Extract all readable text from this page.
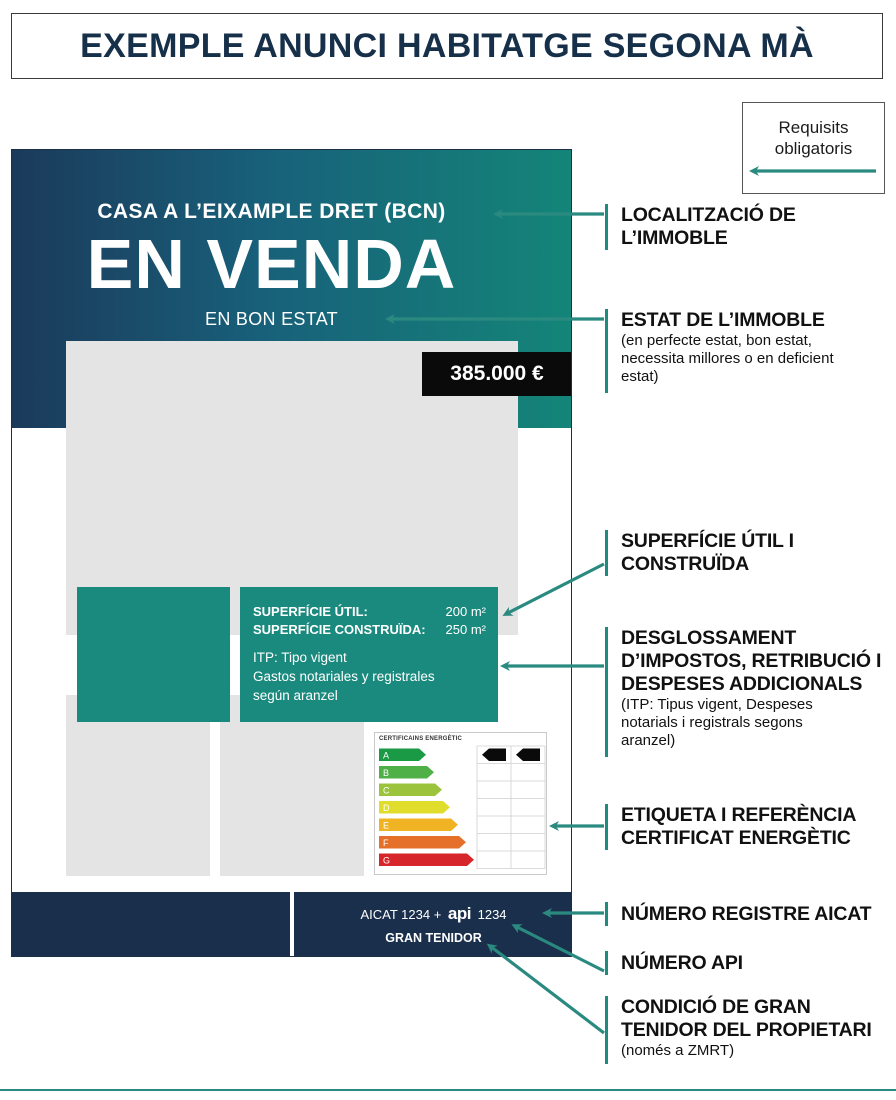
EXEMPLE ANUNCI HABITATGE SEGONA MÀ
Requisits obligatoris
CASA A L’EIXAMPLE DRET (BCN)
EN VENDA
EN BON ESTAT
385.000 €
SUPERFÍCIE ÚTIL:	200 m²
SUPERFÍCIE CONSTRUÏDA: 250 m²
ITP: Tipo vigent
Gastos notariales y registrales
según aranzel
CERTIFICAINS ENERGÈTIC
A
B
C
D
E
F
G
AICAT 1234 + api 1234
GRAN TENIDOR
LOCALITZACIÓ DE L’IMMOBLE
ESTAT DE L’IMMOBLE
(en perfecte estat, bon estat, necessita millores o en deficient estat)
SUPERFÍCIE ÚTIL I CONSTRUÏDA
DESGLOSSAMENT D’IMPOSTOS, RETRIBUCIÓ I DESPESES ADDICIONALS
(ITP: Tipus vigent, Despeses notarials i registrals segons aranzel)
ETIQUETA I REFERÈNCIA CERTIFICAT ENERGÈTIC
NÚMERO REGISTRE AICAT
NÚMERO API
CONDICIÓ DE GRAN TENIDOR DEL PROPIETARI
(només a ZMRT)
